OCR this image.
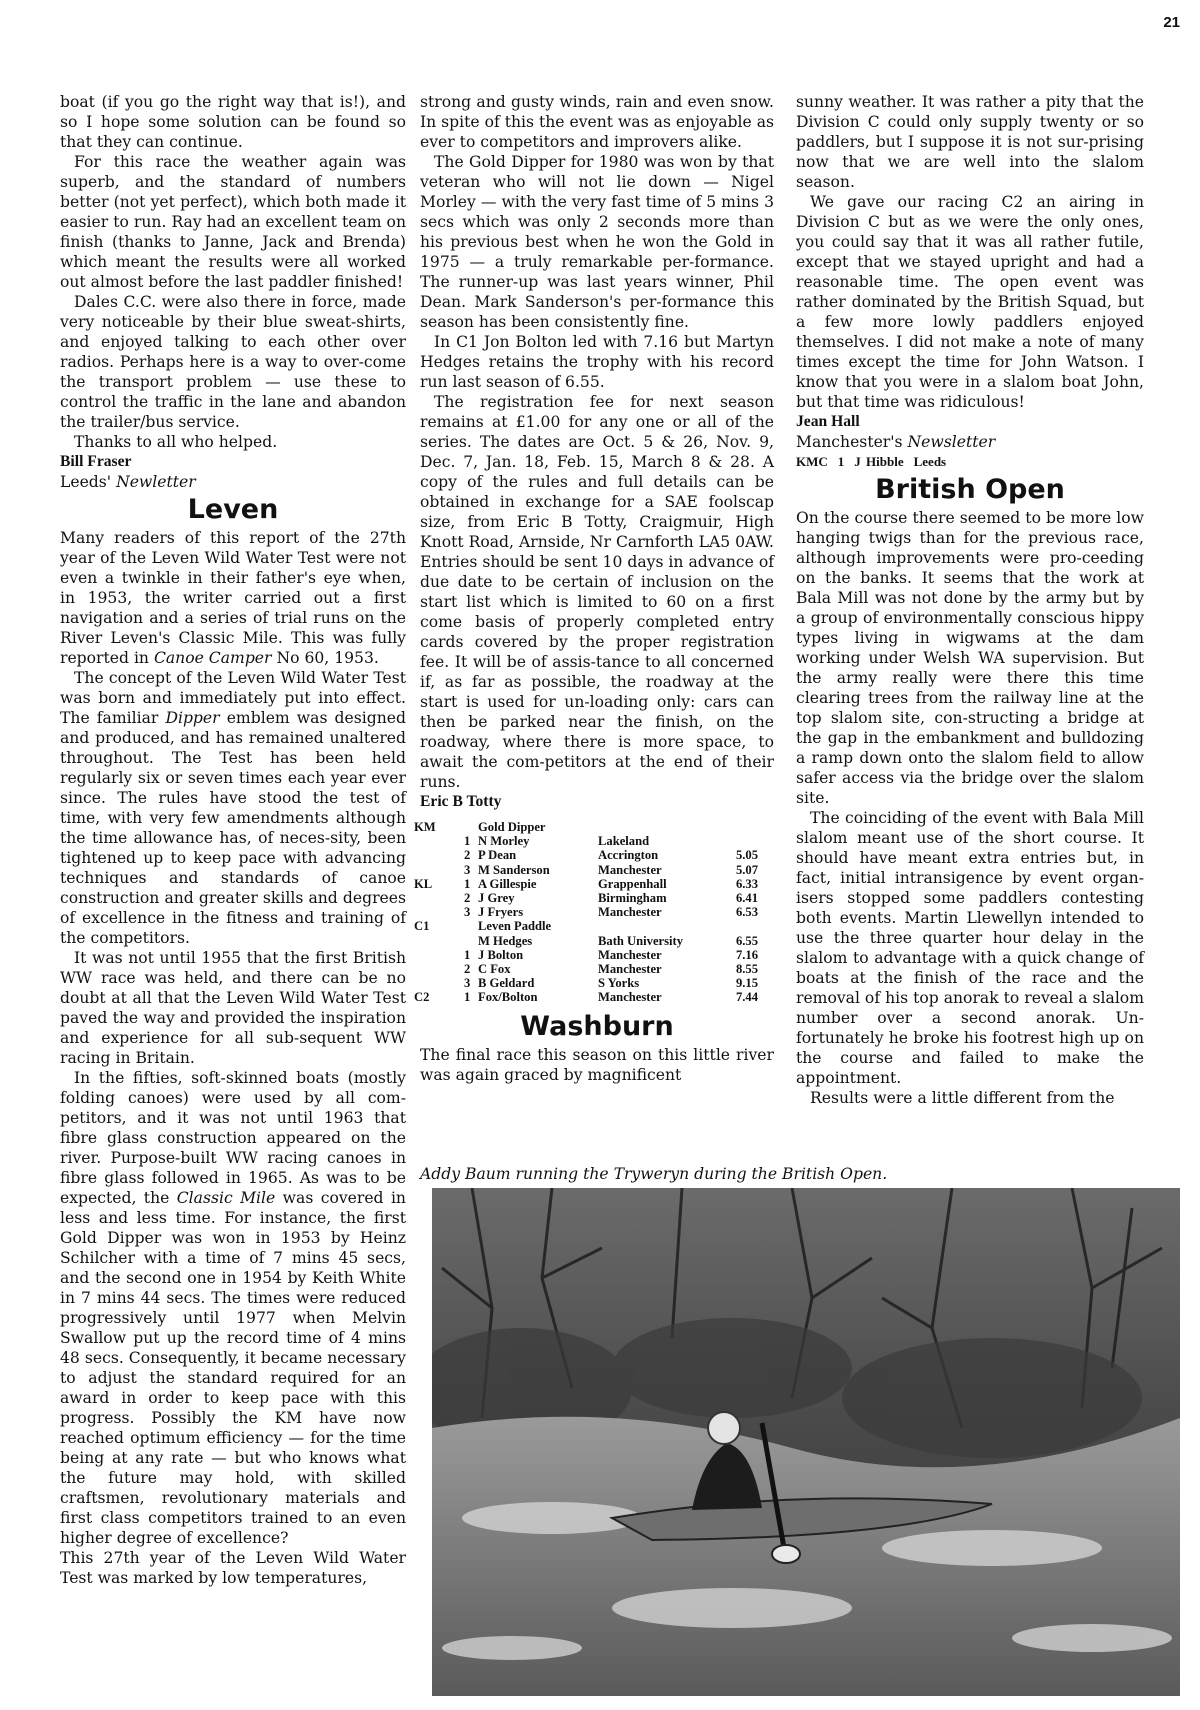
21

boat (if you go the right way that is!), and so I hope some solution can be found so that they can continue.

For this race the weather again was superb, and the standard of numbers better (not yet perfect), which both made it easier to run. Ray had an excellent team on finish (thanks to Janne, Jack and Brenda) which meant the results were all worked out almost before the last paddler finished!

Dales C.C. were also there in force, made very noticeable by their blue sweat-shirts, and enjoyed talking to each other over radios. Perhaps here is a way to over-come the transport problem — use these to control the traffic in the lane and abandon the trailer/bus service.

Thanks to all who helped.

Bill Fraser

Leeds' Newletter

Leven

Many readers of this report of the 27th year of the Leven Wild Water Test were not even a twinkle in their father's eye when, in 1953, the writer carried out a first navigation and a series of trial runs on the River Leven's Classic Mile. This was fully reported in Canoe Camper No 60, 1953.

The concept of the Leven Wild Water Test was born and immediately put into effect. The familiar Dipper emblem was designed and produced, and has remained unaltered throughout. The Test has been held regularly six or seven times each year ever since. The rules have stood the test of time, with very few amendments although the time allowance has, of neces-sity, been tightened up to keep pace with advancing techniques and standards of canoe construction and greater skills and degrees of excellence in the fitness and training of the competitors.

It was not until 1955 that the first British WW race was held, and there can be no doubt at all that the Leven Wild Water Test paved the way and provided the inspiration and experience for all sub-sequent WW racing in Britain.

In the fifties, soft-skinned boats (mostly folding canoes) were used by all com-petitors, and it was not until 1963 that fibre glass construction appeared on the river. Purpose-built WW racing canoes in fibre glass followed in 1965. As was to be expected, the Classic Mile was covered in less and less time. For instance, the first Gold Dipper was won in 1953 by Heinz Schilcher with a time of 7 mins 45 secs, and the second one in 1954 by Keith White in 7 mins 44 secs. The times were reduced progressively until 1977 when Melvin Swallow put up the record time of 4 mins 48 secs. Consequently, it became necessary to adjust the standard required for an award in order to keep pace with this progress. Possibly the KM have now reached optimum efficiency — for the time being at any rate — but who knows what the future may hold, with skilled craftsmen, revolutionary materials and first class competitors trained to an even higher degree of excellence?

This 27th year of the Leven Wild Water Test was marked by low temperatures,

strong and gusty winds, rain and even snow. In spite of this the event was as enjoyable as ever to competitors and improvers alike.

The Gold Dipper for 1980 was won by that veteran who will not lie down — Nigel Morley — with the very fast time of 5 mins 3 secs which was only 2 seconds more than his previous best when he won the Gold in 1975 — a truly remarkable per-formance. The runner-up was last years winner, Phil Dean. Mark Sanderson's per-formance this season has been consistently fine.

In C1 Jon Bolton led with 7.16 but Martyn Hedges retains the trophy with his record run last season of 6.55.

The registration fee for next season remains at £1.00 for any one or all of the series. The dates are Oct. 5 & 26, Nov. 9, Dec. 7, Jan. 18, Feb. 15, March 8 & 28. A copy of the rules and full details can be obtained in exchange for a SAE foolscap size, from Eric B Totty, Craigmuir, High Knott Road, Arnside, Nr Carnforth LA5 0AW. Entries should be sent 10 days in advance of due date to be certain of inclusion on the start list which is limited to 60 on a first come basis of properly completed entry cards covered by the proper registration fee. It will be of assis-tance to all concerned if, as far as possible, the roadway at the start is used for un-loading only: cars can then be parked near the finish, on the roadway, where there is more space, to await the com-petitors at the end of their runs.

Eric B Totty

KM		Gold Dipper		
	1	N Morley	Lakeland	
	2	P Dean	Accrington	5.05
	3	M Sanderson	Manchester	5.07
KL	1	A Gillespie	Grappenhall	6.33
	2	J Grey	Birmingham	6.41
	3	J Fryers	Manchester	6.53
C1		Leven Paddle		
		M Hedges	Bath University	6.55
	1	J Bolton	Manchester	7.16
	2	C Fox	Manchester	8.55
	3	B Geldard	S Yorks	9.15
C2	1	Fox/Bolton	Manchester	7.44
Washburn

The final race this season on this little river was again graced by magnificent

sunny weather. It was rather a pity that the Division C could only supply twenty or so paddlers, but I suppose it is not sur-prising now that we are well into the slalom season.

We gave our racing C2 an airing in Division C but as we were the only ones, you could say that it was all rather futile, except that we stayed upright and had a reasonable time. The open event was rather dominated by the British Squad, but a few more lowly paddlers enjoyed themselves. I did not make a note of many times except the time for John Watson. I know that you were in a slalom boat John, but that time was ridiculous!

Jean Hall

Manchester's Newsletter

KMC 1 J Hibble Leeds

British Open

On the course there seemed to be more low hanging twigs than for the previous race, although improvements were pro-ceeding on the banks. It seems that the work at Bala Mill was not done by the army but by a group of environmentally conscious hippy types living in wigwams at the dam working under Welsh WA supervision. But the army really were there this time clearing trees from the railway line at the top slalom site, con-structing a bridge at the gap in the embankment and bulldozing a ramp down onto the slalom field to allow safer access via the bridge over the slalom site.

The coinciding of the event with Bala Mill slalom meant use of the short course. It should have meant extra entries but, in fact, initial intransigence by event organ-isers stopped some paddlers contesting both events. Martin Llewellyn intended to use the three quarter hour delay in the slalom to advantage with a quick change of boats at the finish of the race and the removal of his top anorak to reveal a slalom number over a second anorak. Un-fortunately he broke his footrest high up on the course and failed to make the appointment.

Results were a little different from the

Addy Baum running the Tryweryn during the British Open.
